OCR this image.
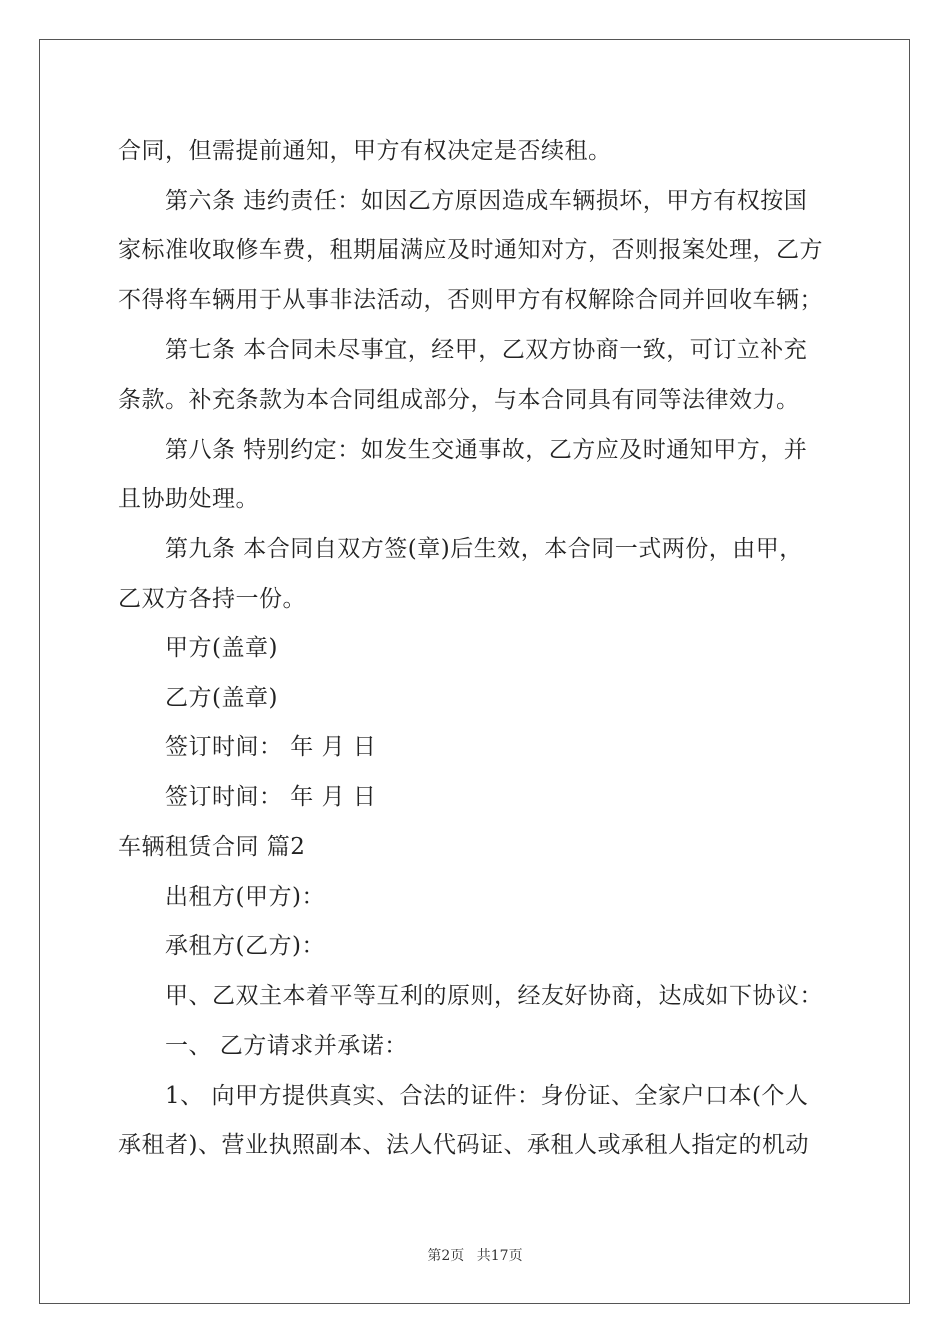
合同，但需提前通知，甲方有权决定是否续租。
第六条 违约责任：如因乙方原因造成车辆损坏，甲方有权按国
家标准收取修车费，租期届满应及时通知对方，否则报案处理，乙方
不得将车辆用于从事非法活动，否则甲方有权解除合同并回收车辆；
第七条 本合同未尽事宜，经甲，乙双方协商一致，可订立补充
条款。补充条款为本合同组成部分，与本合同具有同等法律效力。
第八条 特别约定：如发生交通事故，乙方应及时通知甲方，并
且协助处理。
第九条 本合同自双方签(章)后生效，本合同一式两份，由甲，
乙双方各持一份。
甲方(盖章)
乙方(盖章)
签订时间： 年 月 日
签订时间： 年 月 日
车辆租赁合同 篇2
出租方(甲方)：
承租方(乙方)：
甲、乙双主本着平等互利的原则，经友好协商，达成如下协议：
一、 乙方请求并承诺：
1、 向甲方提供真实、合法的证件：身份证、全家户口本(个人
承租者)、营业执照副本、法人代码证、承租人或承租人指定的机动
第2页 共17页
